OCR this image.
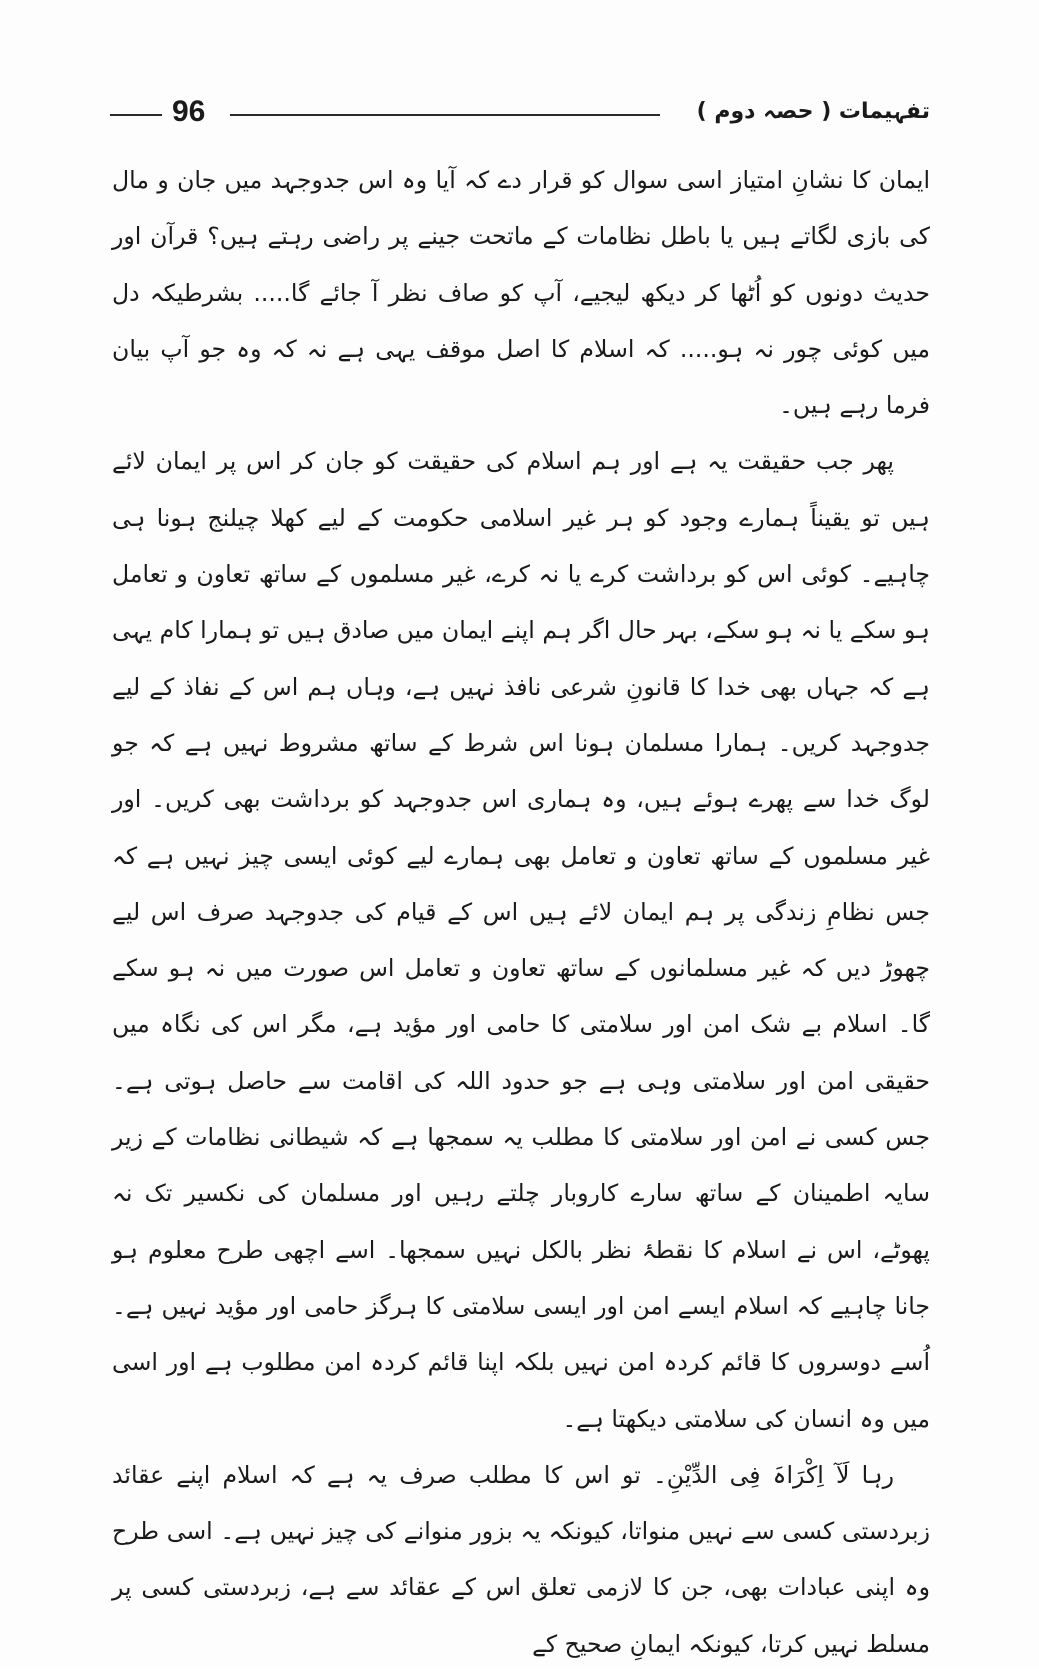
96	تفہیمات ( حصہ دوم )

ایمان کا نشانِ امتیاز اسی سوال کو قرار دے کہ آیا وہ اس جدوجہد میں جان و مال کی بازی لگاتے ہیں یا باطل نظامات کے ماتحت جینے پر راضی رہتے ہیں؟ قرآن اور حدیث دونوں کو اُٹھا کر دیکھ لیجیے، آپ کو صاف نظر آ جائے گا..... بشرطیکہ دل میں کوئی چور نہ ہو..... کہ اسلام کا اصل موقف یہی ہے نہ کہ وہ جو آپ بیان فرما رہے ہیں۔

پھر جب حقیقت یہ ہے اور ہم اسلام کی حقیقت کو جان کر اس پر ایمان لائے ہیں تو یقیناً ہمارے وجود کو ہر غیر اسلامی حکومت کے لیے کھلا چیلنج ہونا ہی چاہیے۔ کوئی اس کو برداشت کرے یا نہ کرے، غیر مسلموں کے ساتھ تعاون و تعامل ہو سکے یا نہ ہو سکے، بہر حال اگر ہم اپنے ایمان میں صادق ہیں تو ہمارا کام یہی ہے کہ جہاں بھی خدا کا قانونِ شرعی نافذ نہیں ہے، وہاں ہم اس کے نفاذ کے لیے جدوجہد کریں۔ ہمارا مسلمان ہونا اس شرط کے ساتھ مشروط نہیں ہے کہ جو لوگ خدا سے پھرے ہوئے ہیں، وہ ہماری اس جدوجہد کو برداشت بھی کریں۔ اور غیر مسلموں کے ساتھ تعاون و تعامل بھی ہمارے لیے کوئی ایسی چیز نہیں ہے کہ جس نظامِ زندگی پر ہم ایمان لائے ہیں اس کے قیام کی جدوجہد صرف اس لیے چھوڑ دیں کہ غیر مسلمانوں کے ساتھ تعاون و تعامل اس صورت میں نہ ہو سکے گا۔ اسلام بے شک امن اور سلامتی کا حامی اور مؤید ہے، مگر اس کی نگاہ میں حقیقی امن اور سلامتی وہی ہے جو حدود اللہ کی اقامت سے حاصل ہوتی ہے۔ جس کسی نے امن اور سلامتی کا مطلب یہ سمجھا ہے کہ شیطانی نظامات کے زیر سایہ اطمینان کے ساتھ سارے کاروبار چلتے رہیں اور مسلمان کی نکسیر تک نہ پھوٹے، اس نے اسلام کا نقطۂ نظر بالکل نہیں سمجھا۔ اسے اچھی طرح معلوم ہو جانا چاہیے کہ اسلام ایسے امن اور ایسی سلامتی کا ہرگز حامی اور مؤید نہیں ہے۔ اُسے دوسروں کا قائم کردہ امن نہیں بلکہ اپنا قائم کردہ امن مطلوب ہے اور اسی میں وہ انسان کی سلامتی دیکھتا ہے۔

رہا لَآ اِکْرَاہَ فِی الدِّیْنِ۔ تو اس کا مطلب صرف یہ ہے کہ اسلام اپنے عقائد زبردستی کسی سے نہیں منواتا، کیونکہ یہ بزور منوانے کی چیز نہیں ہے۔ اسی طرح وہ اپنی عبادات بھی، جن کا لازمی تعلق اس کے عقائد سے ہے، زبردستی کسی پر مسلط نہیں کرتا، کیونکہ ایمانِ صحیح کے
